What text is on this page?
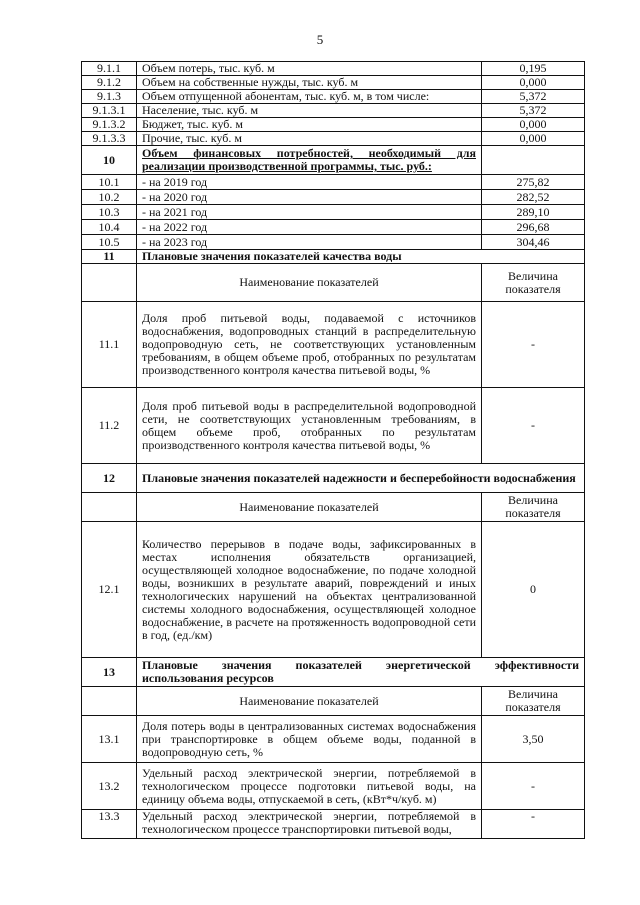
5
9.1.1	Объем потерь, тыс. куб. м	0,195
9.1.2	Объем на собственные нужды, тыс. куб. м	0,000
9.1.3	Объем отпущенной абонентам, тыс. куб. м, в том числе:	5,372
9.1.3.1	Население, тыс. куб. м	5,372
9.1.3.2	Бюджет, тыс. куб. м	0,000
9.1.3.3	Прочие, тыс. куб. м	0,000
10	Объем финансовых потребностей, необходимый для реализации производственной программы, тыс. руб.:	
10.1	- на 2019 год	275,82
10.2	- на 2020 год	282,52
10.3	- на 2021 год	289,10
10.4	- на 2022 год	296,68
10.5	- на 2023 год	304,46
11	Плановые значения показателей качества воды	
	Наименование показателей	Величина показателя
11.1	Доля проб питьевой воды, подаваемой с источников водоснабжения, водопроводных станций в распределительную водопроводную сеть, не соответствующих установленным требованиям, в общем объеме проб, отобранных по результатам производственного контроля качества питьевой воды, %	-
11.2	Доля проб питьевой воды в распределительной водопроводной сети, не соответствующих установленным требованиям, в общем объеме проб, отобранных по результатам производственного контроля качества питьевой воды, %	-
12	Плановые значения показателей надежности и бесперебойности водоснабжения	
	Наименование показателей	Величина показателя
12.1	Количество перерывов в подаче воды, зафиксированных в местах исполнения обязательств организацией, осуществляющей холодное водоснабжение, по подаче холодной воды, возникших в результате аварий, повреждений и иных технологических нарушений на объектах централизованной системы холодного водоснабжения, осуществляющей холодное водоснабжение, в расчете на протяженность водопроводной сети в год, (ед./км)	0
13	Плановые значения показателей энергетической эффективности использования ресурсов	
	Наименование показателей	Величина показателя
13.1	Доля потерь воды в централизованных системах водоснабжения при транспортировке в общем объеме воды, поданной в водопроводную сеть, %	3,50
13.2	Удельный расход электрической энергии, потребляемой в технологическом процессе подготовки питьевой воды, на единицу объема воды, отпускаемой в сеть, (кВт*ч/куб. м)	-
13.3	Удельный расход электрической энергии, потребляемой в технологическом процессе транспортировки питьевой воды,	-
